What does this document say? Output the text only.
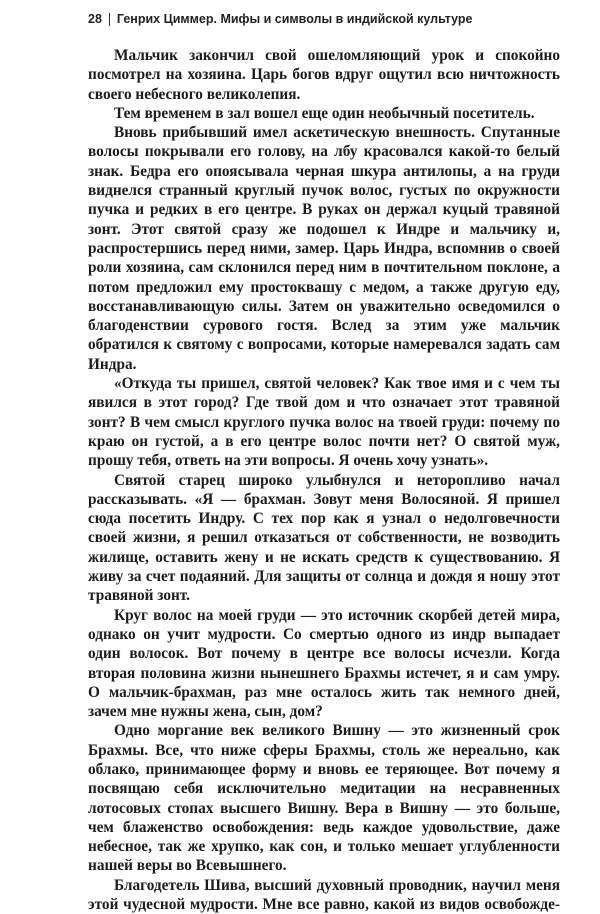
28 Генрих Циммер. Мифы и символы в индийской культуре

Мальчик закончил свой ошеломляющий урок и спокойно посмотрел на хозяина. Царь богов вдруг ощутил всю ничтожность своего небесного великолепия.

Тем временем в зал вошел еще один необычный посетитель.

Вновь прибывший имел аскетическую внешность. Спутанные волосы покрывали его голову, на лбу красовался какой-то белый знак. Бедра его опоясывала черная шкура антилопы, а на груди виднелся странный круглый пучок волос, густых по окружности пучка и редких в его центре. В руках он держал куцый травяной зонт. Этот святой сразу же подошел к Индре и мальчику и, распростершись перед ними, замер. Царь Индра, вспомнив о своей роли хозяина, сам склонился перед ним в почтительном поклоне, а потом предложил ему простоквашу с медом, а также другую еду, восстанавливающую силы. Затем он уважительно осведомился о благоденствии сурового гостя. Вслед за этим уже мальчик обратился к святому с вопросами, которые намеревался задать сам Индра.

«Откуда ты пришел, святой человек? Как твое имя и с чем ты явился в этот город? Где твой дом и что означает этот травяной зонт? В чем смысл круглого пучка волос на твоей груди: почему по краю он густой, а в его центре волос почти нет? О святой муж, прошу тебя, ответь на эти вопросы. Я очень хочу узнать».

Святой старец широко улыбнулся и неторопливо начал рассказывать. «Я — брахман. Зовут меня Волосяной. Я пришел сюда посетить Индру. С тех пор как я узнал о недолговечности своей жизни, я решил отказаться от собственности, не возводить жилище, оставить жену и не искать средств к существованию. Я живу за счет подаяний. Для защиты от солнца и дождя я ношу этот травяной зонт.

Круг волос на моей груди — это источник скорбей детей мира, однако он учит мудрости. Со смертью одного из индр выпадает один волосок. Вот почему в центре все волосы исчезли. Когда вторая половина жизни нынешнего Брахмы истечет, я и сам умру. О мальчик-брахман, раз мне осталось жить так немного дней, зачем мне нужны жена, сын, дом?

Одно моргание век великого Вишну — это жизненный срок Брахмы. Все, что ниже сферы Брахмы, столь же нереально, как облако, принимающее форму и вновь ее теряющее. Вот почему я посвящаю себя исключительно медитации на несравненных лотосовых стопах высшего Вишну. Вера в Вишну — это больше, чем блаженство освобождения: ведь каждое удовольствие, даже небесное, так же хрупко, как сон, и только мешает углубленности нашей веры во Всевышнего.

Благодетель Шива, высший духовный проводник, научил меня этой чудесной мудрости. Мне все равно, какой из видов освобожде-
